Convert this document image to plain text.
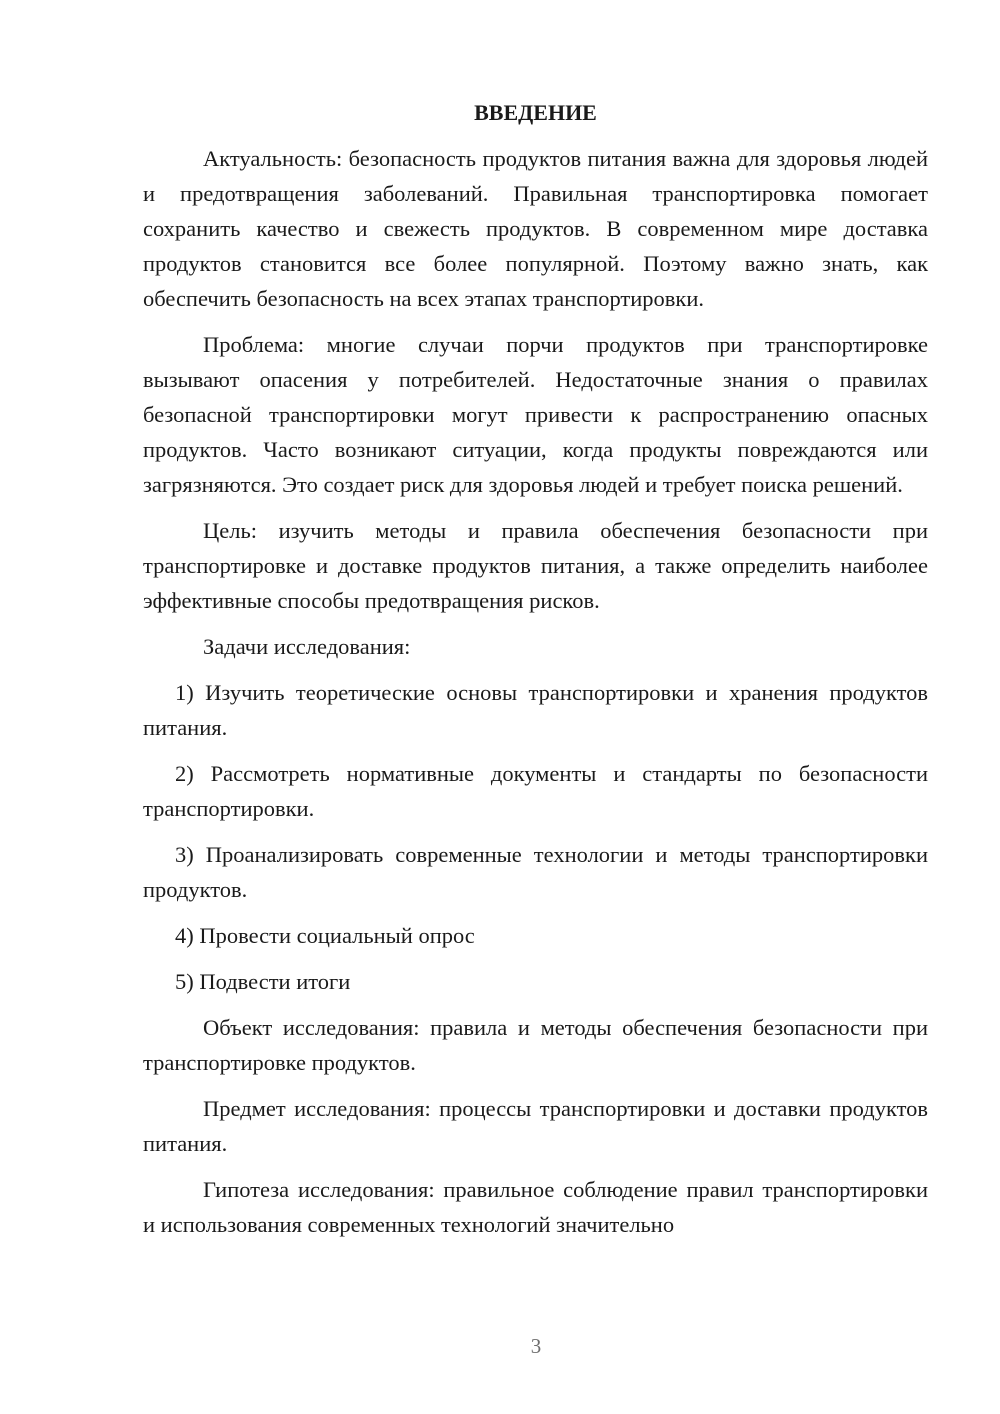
ВВЕДЕНИЕ
Актуальность: безопасность продуктов питания важна для здоровья людей и предотвращения заболеваний. Правильная транспортировка помогает сохранить качество и свежесть продуктов. В современном мире доставка продуктов становится все более популярной. Поэтому важно знать, как обеспечить безопасность на всех этапах транспортировки.
Проблема: многие случаи порчи продуктов при транспортировке вызывают опасения у потребителей. Недостаточные знания о правилах безопасной транспортировки могут привести к распространению опасных продуктов. Часто возникают ситуации, когда продукты повреждаются или загрязняются. Это создает риск для здоровья людей и требует поиска решений.
Цель: изучить методы и правила обеспечения безопасности при транспортировке и доставке продуктов питания, а также определить наиболее эффективные способы предотвращения рисков.
Задачи исследования:
1) Изучить теоретические основы транспортировки и хранения продуктов питания.
2) Рассмотреть нормативные документы и стандарты по безопасности транспортировки.
3) Проанализировать современные технологии и методы транспортировки продуктов.
4) Провести социальный опрос
5) Подвести итоги
Объект исследования: правила и методы обеспечения безопасности при транспортировке продуктов.
Предмет исследования: процессы транспортировки и доставки продуктов питания.
Гипотеза исследования: правильное соблюдение правил транспортировки и использования современных технологий значительно
3
